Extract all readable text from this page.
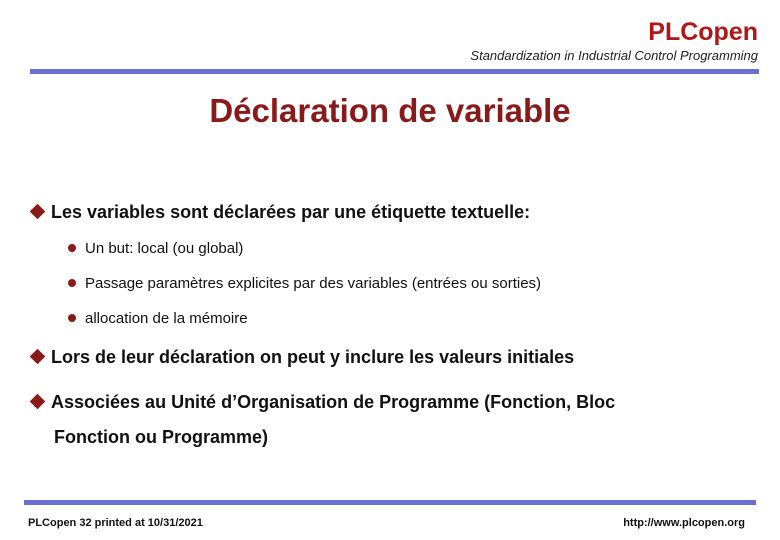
PLCopen
Standardization in Industrial Control Programming
Déclaration de variable
Les variables sont déclarées par une étiquette textuelle:
Un but: local (ou global)
Passage paramètres explicites par des variables (entrées ou sorties)
allocation de la mémoire
Lors de leur déclaration on peut y inclure les valeurs initiales
Associées au Unité d’Organisation de Programme (Fonction, Bloc
Fonction ou Programme)
PLCopen 32 printed at 10/31/2021	http://www.plcopen.org
